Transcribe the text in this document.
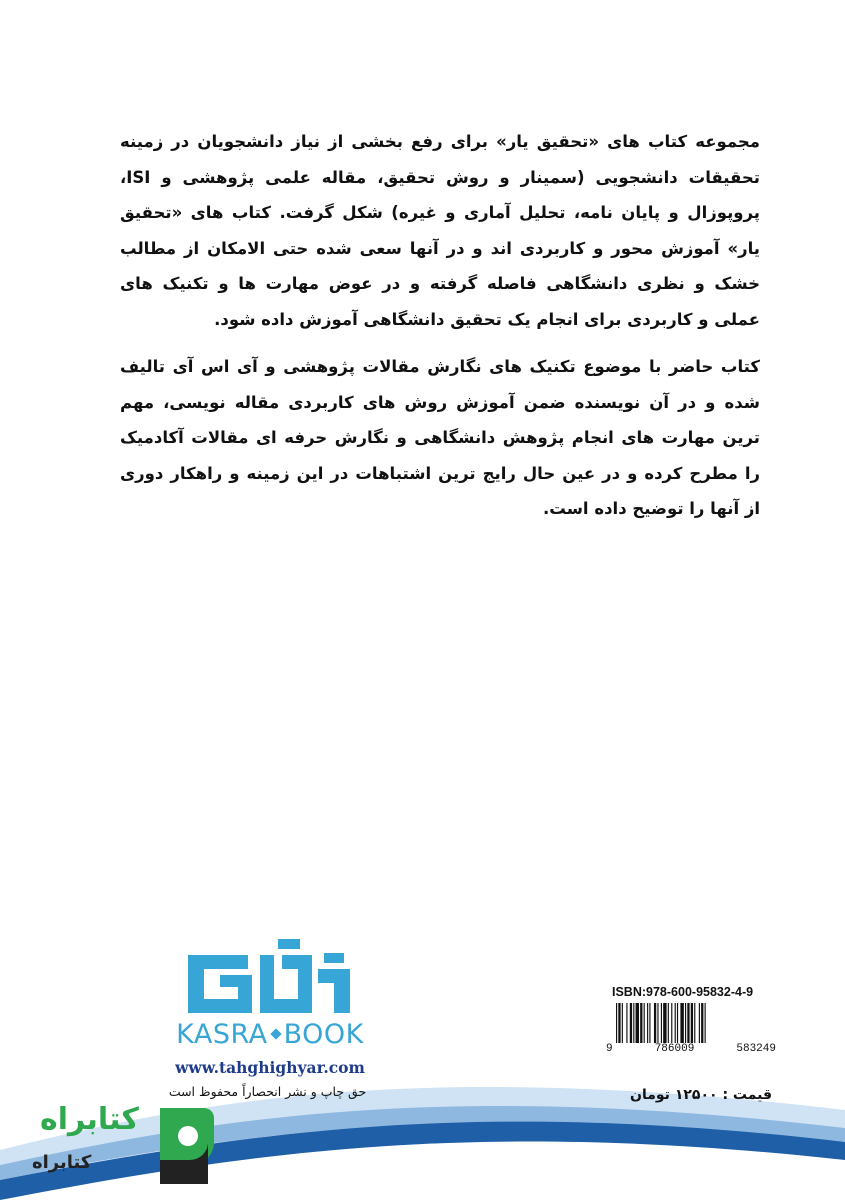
مجموعه کتاب های «تحقیق یار» برای رفع بخشی از نیاز دانشجویان در زمینه تحقیقات دانشجویی (سمینار و روش تحقیق، مقاله علمی پژوهشی و ISI، پروپوزال و پایان نامه، تحلیل آماری و غیره) شکل گرفت. کتاب های «تحقیق یار» آموزش محور و کاربردی اند و در آنها سعی شده حتی الامکان از مطالب خشک و نظری دانشگاهی فاصله گرفته و در عوض مهارت ها و تکنیک های عملی و کاربردی برای انجام یک تحقیق دانشگاهی آموزش داده شود.

کتاب حاضر با موضوع تکنیک های نگارش مقالات پژوهشی و آی اس آی تالیف شده و در آن نویسنده ضمن آموزش روش های کاربردی مقاله نویسی، مهم ترین مهارت های انجام پژوهش دانشگاهی و نگارش حرفه ای مقالات آکادمیک را مطرح کرده و در عین حال رایج ترین اشتباهات در این زمینه و راهکار دوری از آنها را توضیح داده است.

KASRA BOOK
www.tahghighyar.com
حق چاپ و نشر انحصاراً محفوظ است
ISBN:978-600-95832-4-9
9	786009	583249
قیمت : ۱۲۵۰۰ تومان
کتابراه
کتابراه
